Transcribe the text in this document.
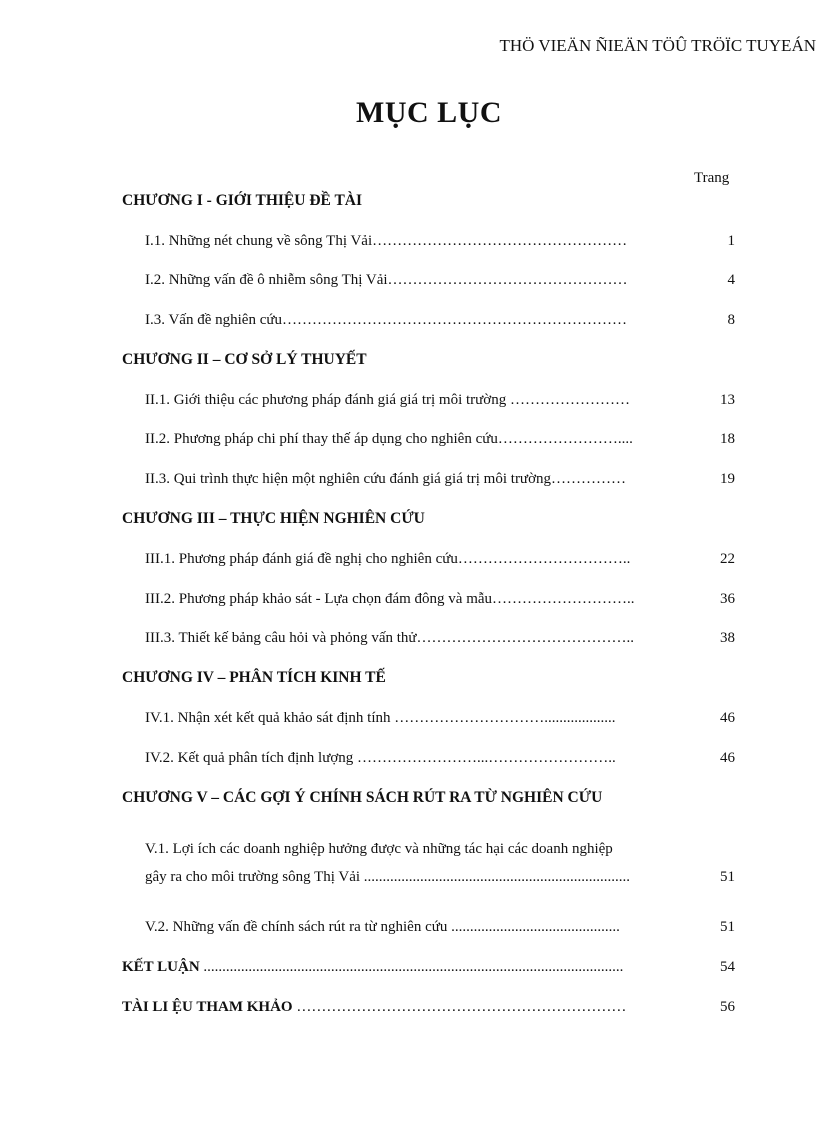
THÖ VIEÄN ÑIEÄN TÖÛ TRÖÏC TUYEÁN
MỤC LỤC
Trang
CHƯƠNG I - GIỚI THIỆU ĐỀ TÀI
I.1. Những nét chung về sông Thị Vải……………………………………………	1
I.2. Những vấn đề ô nhiễm sông Thị Vải…………………………………………	4
I.3. Vấn đề nghiên cứu……………………………………………………………	8
CHƯƠNG II – CƠ SỞ LÝ THUYẾT
II.1. Giới thiệu các phương pháp đánh giá giá trị môi trường ……………………	13
II.2. Phương pháp chi phí thay thế áp dụng cho nghiên cứu……………………....	18
II.3. Qui trình thực hiện một nghiên cứu đánh giá giá trị môi trường……………	19
CHƯƠNG III – THỰC HIỆN NGHIÊN CỨU
III.1. Phương pháp đánh giá đề nghị cho nghiên cứu……………………………..	22
III.2. Phương pháp khảo sát - Lựa chọn đám đông và mẫu………………………..	36
III.3. Thiết kế bảng câu hỏi và phỏng vấn thử……………………………………..	38
CHƯƠNG IV – PHÂN TÍCH KINH TẾ
IV.1. Nhận xét kết quả khảo sát định tính …………………………...................	46
IV.2. Kết quả phân tích định lượng ……………………...……………………..	46
CHƯƠNG V – CÁC GỢI Ý CHÍNH SÁCH RÚT RA TỪ NGHIÊN CỨU
V.1. Lợi ích các doanh nghiệp hưởng được và những tác hại các doanh nghiệp
gây ra cho môi trường sông Thị Vải .......................................................................	51
V.2. Những vấn đề chính sách rút ra từ nghiên cứu .............................................	51
KẾT LUẬN ................................................................................................................	54
TÀI LI ỆU THAM KHẢO …………………………………………………………	56
